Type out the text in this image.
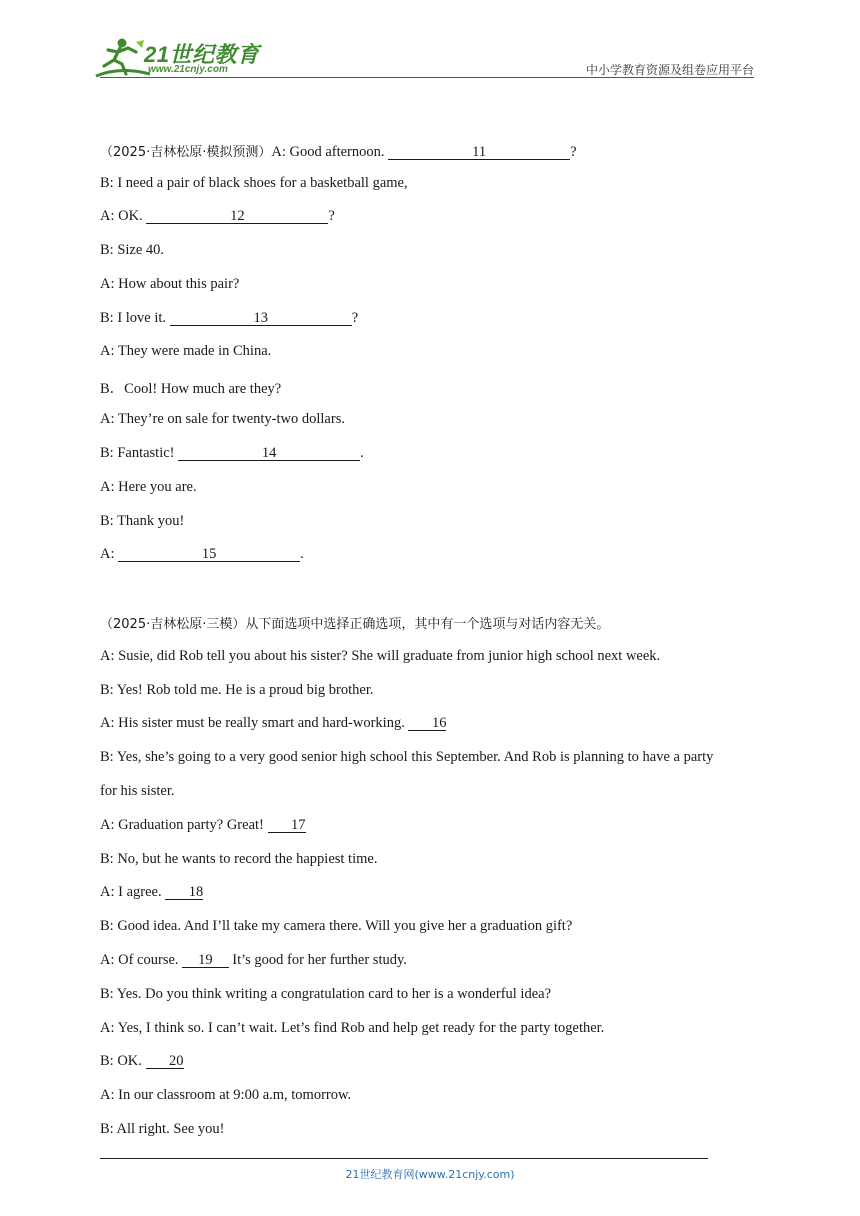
21世纪教育
www.21cnjy.com	中小学教育资源及组卷应用平台
（2025·吉林松原·模拟预测）A: Good afternoon.	11	?
B: I need a pair of black shoes for a basketball game,
A: OK.	12	?
B: Size 40.
A: How about this pair?
B: I love it.	13	?
A: They were made in China.
B．Cool! How much are they?
A: They’re on sale for twenty-two dollars.
B: Fantastic!	14	.
A: Here you are.
B: Thank you!
A:	15	.
（2025·吉林松原·三模）从下面选项中选择正确选项，其中有一个选项与对话内容无关。
A: Susie, did Rob tell you about his sister? She will graduate from junior high school next week.
B: Yes! Rob told me. He is a proud big brother.
A: His sister must be really smart and hard-working. 16
B: Yes, she’s going to a very good senior high school this September. And Rob is planning to have a party
for his sister.
A: Graduation party? Great! 17
B: No, but he wants to record the happiest time.
A: I agree. 18
B: Good idea. And I’ll take my camera there. Will you give her a graduation gift?
A: Of course. 19 It’s good for her further study.
B: Yes. Do you think writing a congratulation card to her is a wonderful idea?
A: Yes, I think so. I can’t wait. Let’s find Rob and help get ready for the party together.
B: OK. 20
A: In our classroom at 9:00 a.m, tomorrow.
B: All right. See you!
21世纪教育网(www.21cnjy.com)
